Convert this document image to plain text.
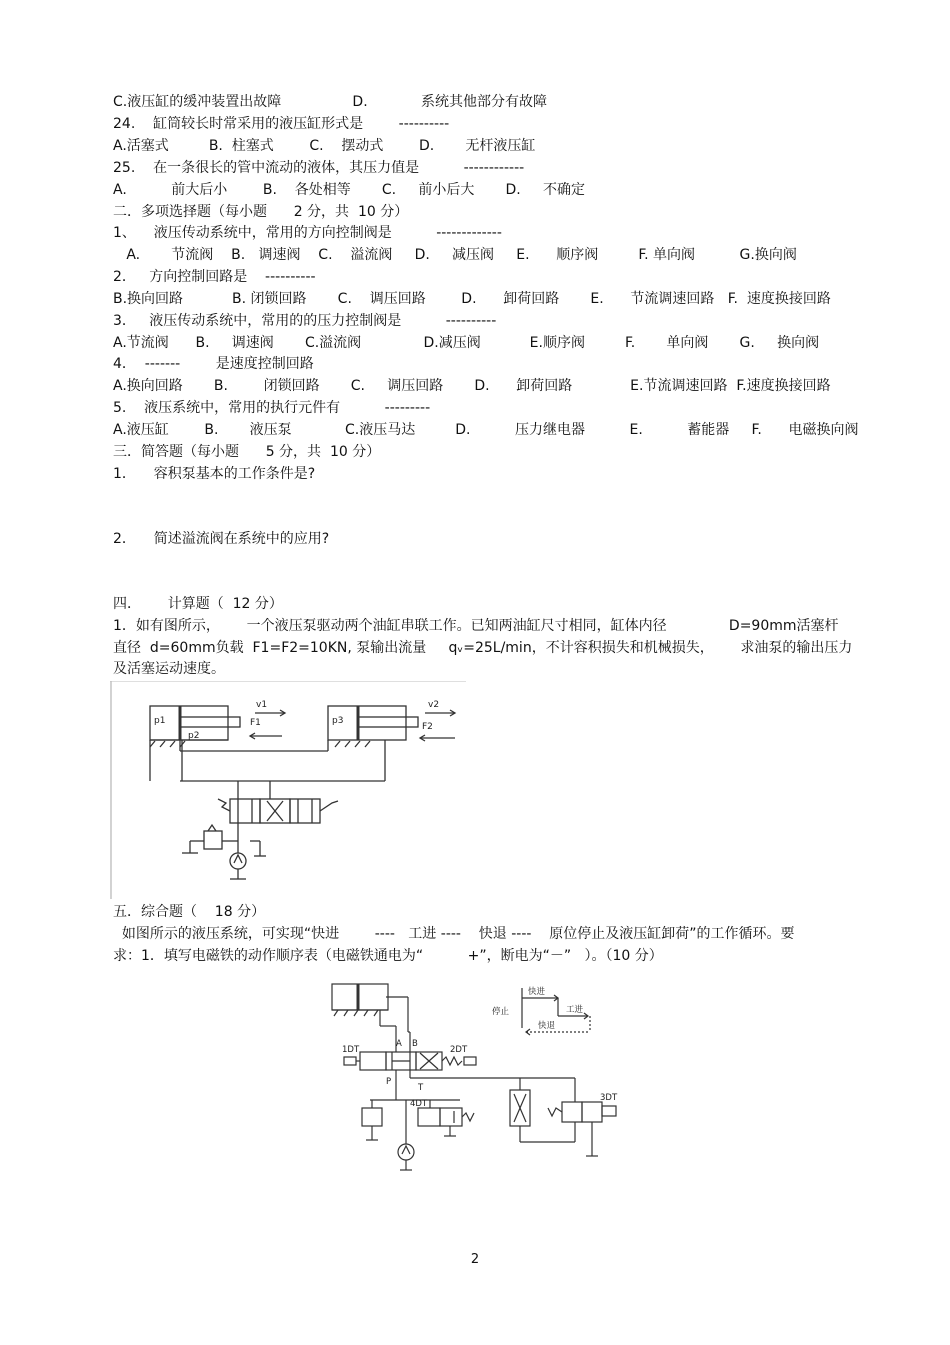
C.液压缸的缓冲装置出故障                D.            系统其他部分有故障
24.    缸筒较长时常采用的液压缸形式是        ----------
A.活塞式         B.  柱塞式        C.    摆动式        D.       无杆液压缸
25.    在一条很长的管中流动的液体，其压力值是          ------------
A.          前大后小        B.    各处相等       C.     前小后大       D.     不确定
二．多项选择题（每小题      2 分，共  10 分）
1、    液压传动系统中，常用的方向控制阀是          -------------
A.       节流阀    B.   调速阀    C.    溢流阀     D.     减压阀     E.      顺序阀         F. 单向阀          G.换向阀
2．   方向控制回路是    ----------
B.换向回路           B. 闭锁回路       C.    调压回路        D.      卸荷回路       E.      节流调速回路   F.  速度换接回路
3．   液压传动系统中，常用的的压力控制阀是          ----------
A.节流阀      B.     调速阀       C.溢流阀              D.减压阀           E.顺序阀         F.       单向阀       G.     换向阀
4．  -------        是速度控制回路
A.换向回路       B.        闭锁回路       C.     调压回路       D.      卸荷回路             E.节流调速回路  F.速度换接回路
5.    液压系统中，常用的执行元件有          ---------
A.液压缸        B.       液压泵            C.液压马达         D.          压力继电器          E.          蓄能器     F.      电磁换向阀
三．简答题（每小题      5 分，共  10 分）
1．    容积泵基本的工作条件是?
2．    简述溢流阀在系统中的应用?
四．      计算题（  12 分）
1．如有图所示，      一个液压泵驱动两个油缸串联工作。已知两油缸尺寸相同，缸体内径              D=90mm活塞杆
直径  d=60mm负载  F1=F2=10KN, 泵输出流量     qᵥ=25L/min，不计容积损失和机械损失，      求油泵的输出压力
及活塞运动速度。
p1
p2
p3
v1
F1
v2
F2
五．综合题（    18 分）
如图所示的液压系统，可实现“快进        ----   工进 ----    快退 ----    原位停止及液压缸卸荷”的工作循环。要
求：1．填写电磁铁的动作顺序表（电磁铁通电为“          +”，断电为“－”   ）。（10 分）
1DT	2DT
3DT
4DT
A B
P
T
停止
快进
工进
快退
2
